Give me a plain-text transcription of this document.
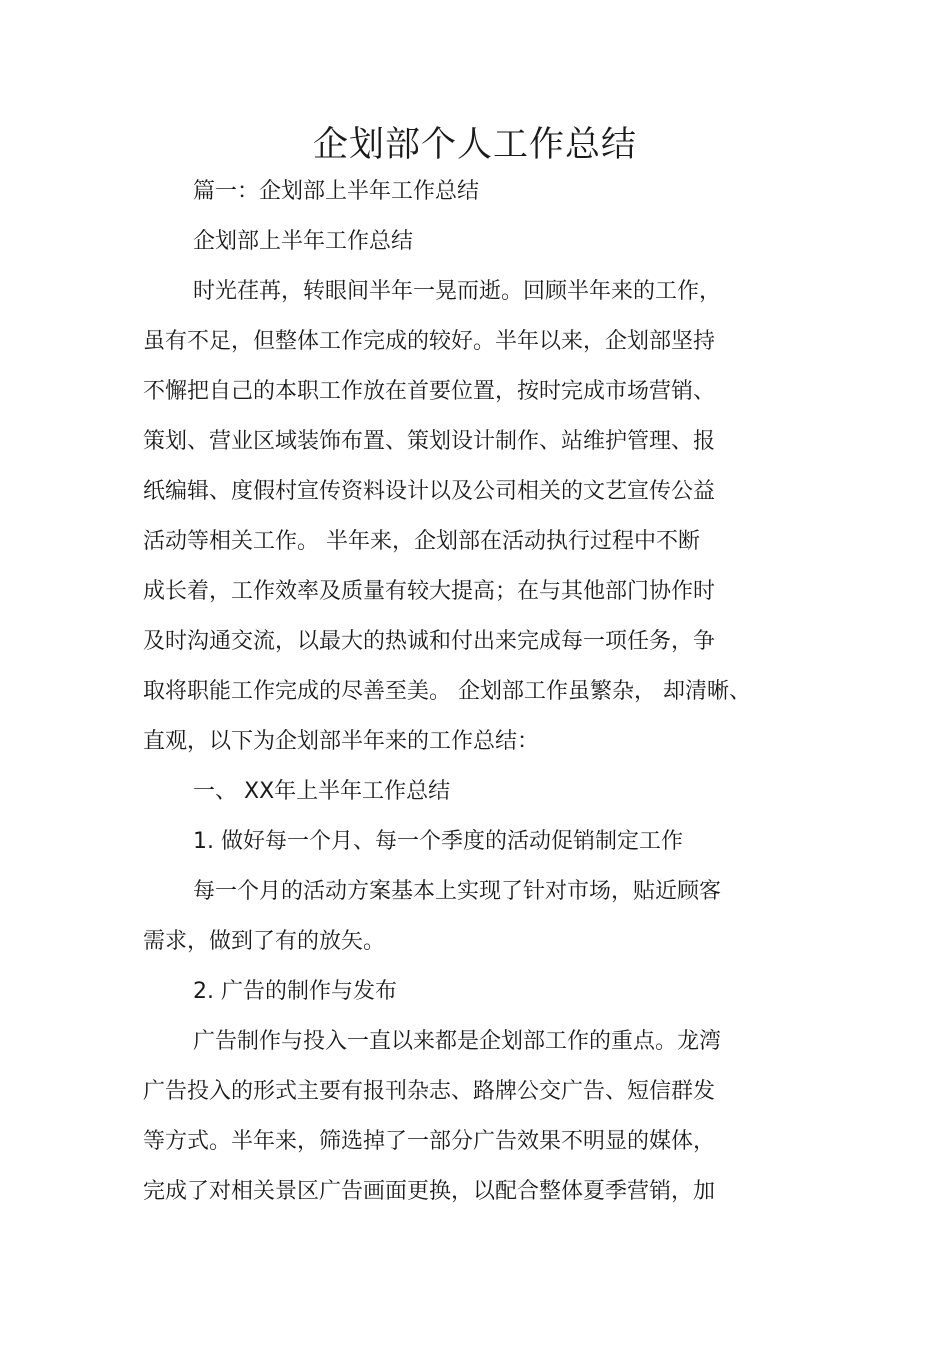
企划部个人工作总结
篇一：企划部上半年工作总结
企划部上半年工作总结
时光荏苒，转眼间半年一晃而逝。回顾半年来的工作，
虽有不足，但整体工作完成的较好。半年以来，企划部坚持
不懈把自己的本职工作放在首要位置，按时完成市场营销、
策划、营业区域装饰布置、策划设计制作、站维护管理、报
纸编辑、度假村宣传资料设计以及公司相关的文艺宣传公益
活动等相关工作。 半年来，企划部在活动执行过程中不断
成长着，工作效率及质量有较大提高；在与其他部门协作时
及时沟通交流，以最大的热诚和付出来完成每一项任务，争
取将职能工作完成的尽善至美。 企划部工作虽繁杂， 却清晰、
直观，以下为企划部半年来的工作总结：
一、 XX年上半年工作总结
1. 做好每一个月、每一个季度的活动促销制定工作
每一个月的活动方案基本上实现了针对市场，贴近顾客
需求，做到了有的放矢。
2. 广告的制作与发布
广告制作与投入一直以来都是企划部工作的重点。龙湾
广告投入的形式主要有报刊杂志、路牌公交广告、短信群发
等方式。半年来，筛选掉了一部分广告效果不明显的媒体，
完成了对相关景区广告画面更换，以配合整体夏季营销，加
